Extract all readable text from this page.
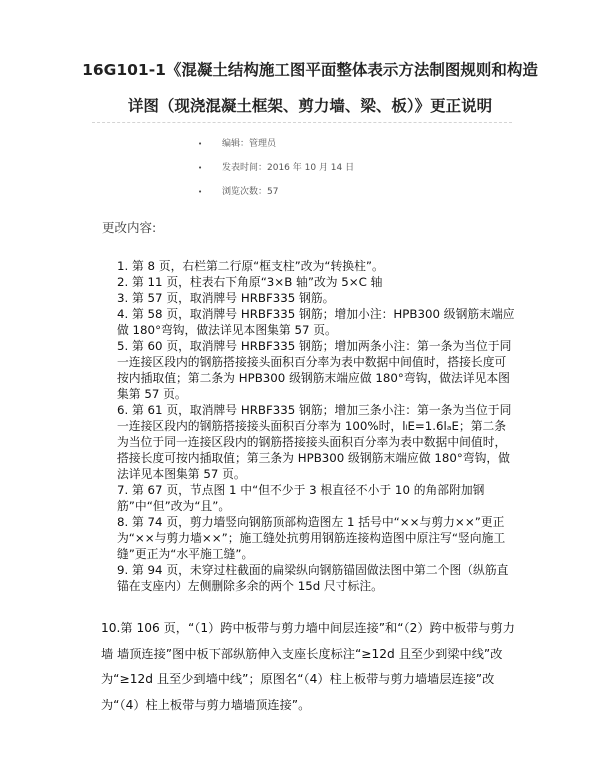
16G101-1《混凝土结构施工图平面整体表示方法制图规则和构造
详图（现浇混凝土框架、剪力墙、梁、板）》更正说明
• 编辑：管理员
• 发表时间：2016 年 10 月 14 日
• 浏览次数：57
更改内容:

1. 第 8 页，右栏第二行原“框支柱”改为“转换柱”。

2. 第 11 页，柱表右下角原“3×B 轴”改为 5×C 轴

3. 第 57 页，取消牌号 HRBF335 钢筋。

4. 第 58 页，取消牌号 HRBF335 钢筋；增加小注：HPB300 级钢筋末端应做 180°弯钩，做法详见本图集第 57 页。

5. 第 60 页，取消牌号 HRBF335 钢筋；增加两条小注：第一条为当位于同一连接区段内的钢筋搭接接头面积百分率为表中数据中间值时，搭接长度可按内插取值；第二条为 HPB300 级钢筋末端应做 180°弯钩，做法详见本图集第 57 页。

6. 第 61 页，取消牌号 HRBF335 钢筋；增加三条小注：第一条为当位于同一连接区段内的钢筋搭接接头面积百分率为 100%时，lₗE=1.6lₐE；第二条为当位于同一连接区段内的钢筋搭接接头面积百分率为表中数据中间值时，搭接长度可按内插取值；第三条为 HPB300 级钢筋末端应做 180°弯钩，做法详见本图集第 57 页。

7. 第 67 页，节点图 1 中“但不少于 3 根直径不小于 10 的角部附加钢筋”中“但”改为“且”。

8. 第 74 页，剪力墙竖向钢筋顶部构造图左 1 括号中“××与剪力××”更正为“××与剪力墙××”；施工缝处抗剪用钢筋连接构造图中原注写“竖向施工缝”更正为“水平施工缝”。

9. 第 94 页，未穿过柱截面的扁梁纵向钢筋锚固做法图中第二个图（纵筋直锚在支座内）左侧删除多余的两个 15d 尺寸标注。

10.第 106 页，“（1）跨中板带与剪力墙中间层连接”和“（2）跨中板带与剪力墙 墙顶连接”图中板下部纵筋伸入支座长度标注“≥12d 且至少到梁中线”改为“≥12d 且至少到墙中线”；原图名“（4）柱上板带与剪力墙墙层连接”改为“（4）柱上板带与剪力墙墙顶连接”。
